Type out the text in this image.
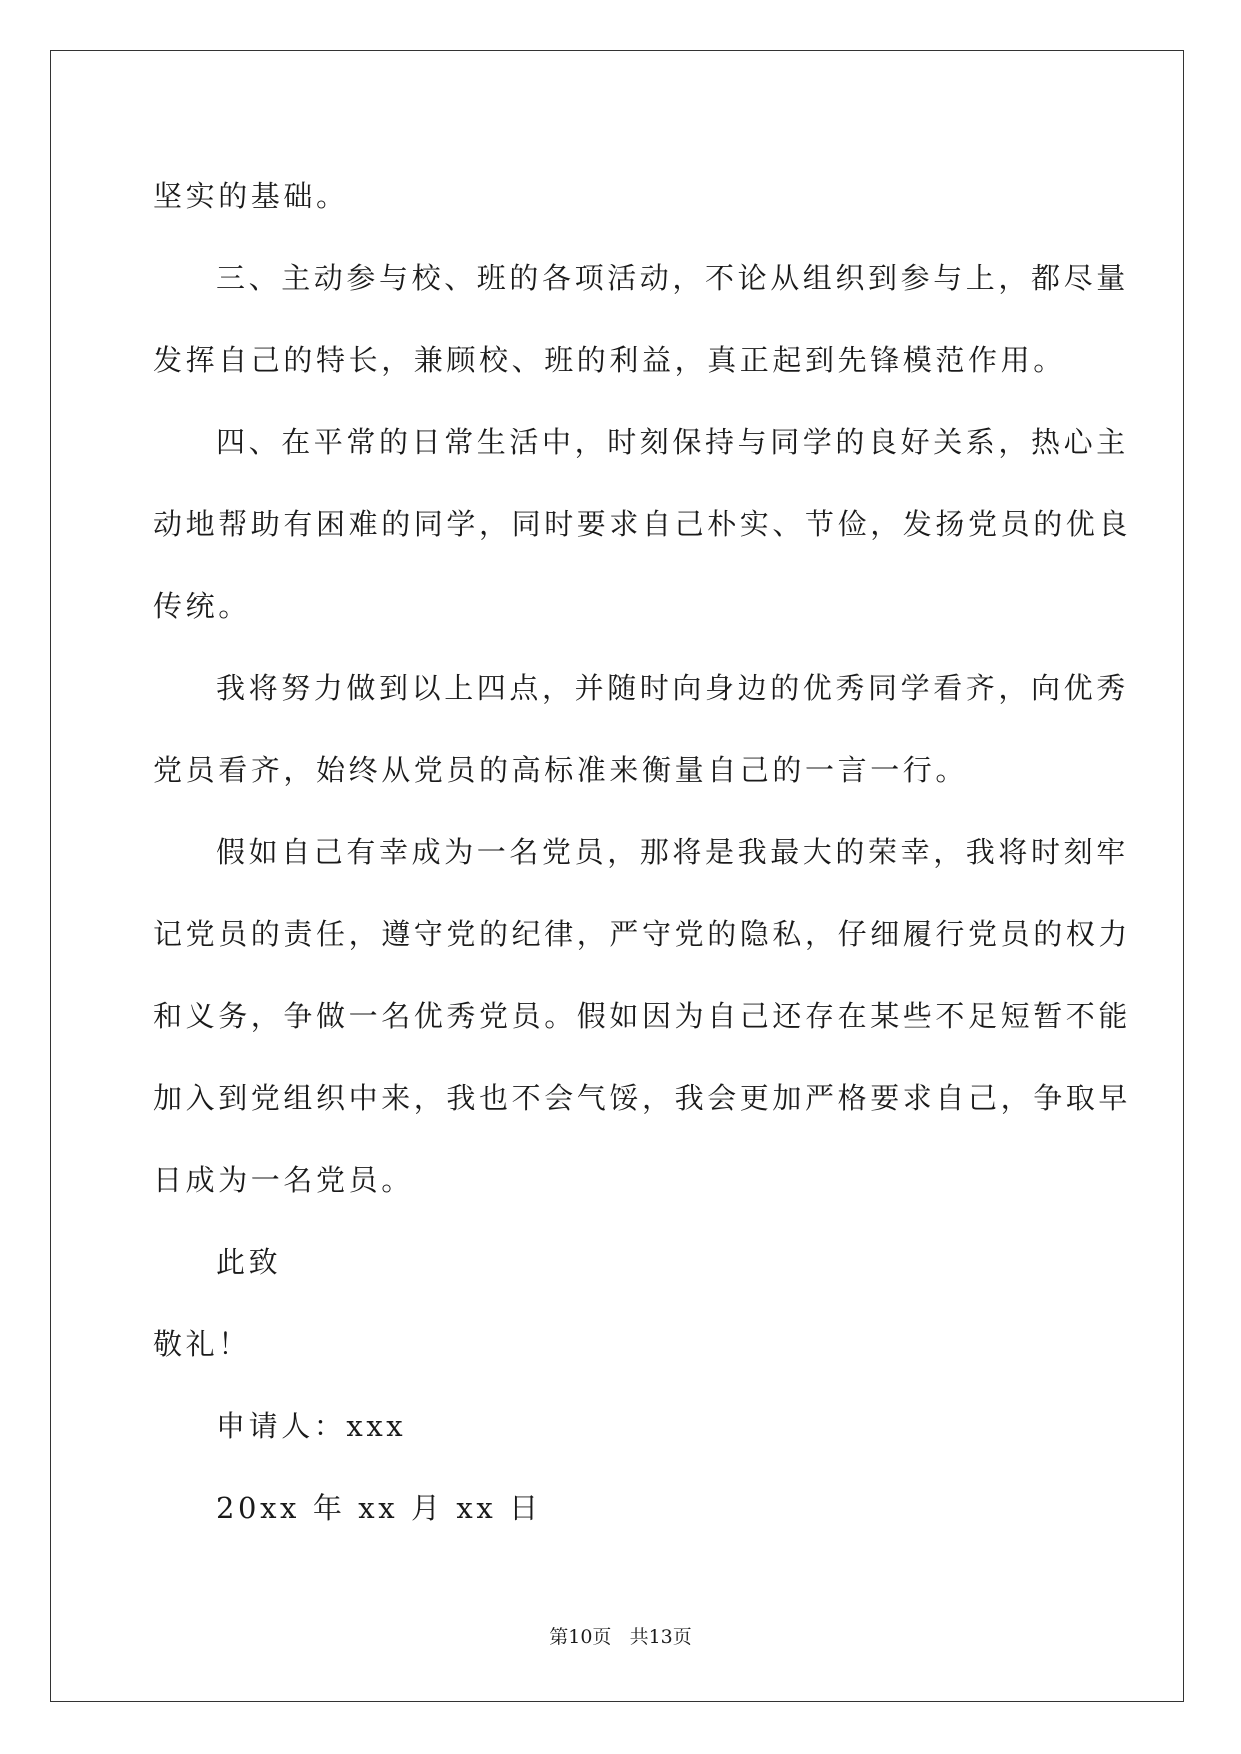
坚实的基础。
三、主动参与校、班的各项活动，不论从组织到参与上，都尽量
发挥自己的特长，兼顾校、班的利益，真正起到先锋模范作用。
四、在平常的日常生活中，时刻保持与同学的良好关系，热心主
动地帮助有困难的同学，同时要求自己朴实、节俭，发扬党员的优良
传统。
我将努力做到以上四点，并随时向身边的优秀同学看齐，向优秀
党员看齐，始终从党员的高标准来衡量自己的一言一行。
假如自己有幸成为一名党员，那将是我最大的荣幸，我将时刻牢
记党员的责任，遵守党的纪律，严守党的隐私，仔细履行党员的权力
和义务，争做一名优秀党员。假如因为自己还存在某些不足短暂不能
加入到党组织中来，我也不会气馁，我会更加严格要求自己，争取早
日成为一名党员。
此致
敬礼！
申请人：xxx
20xx 年 xx 月 xx 日
第10页 共13页
